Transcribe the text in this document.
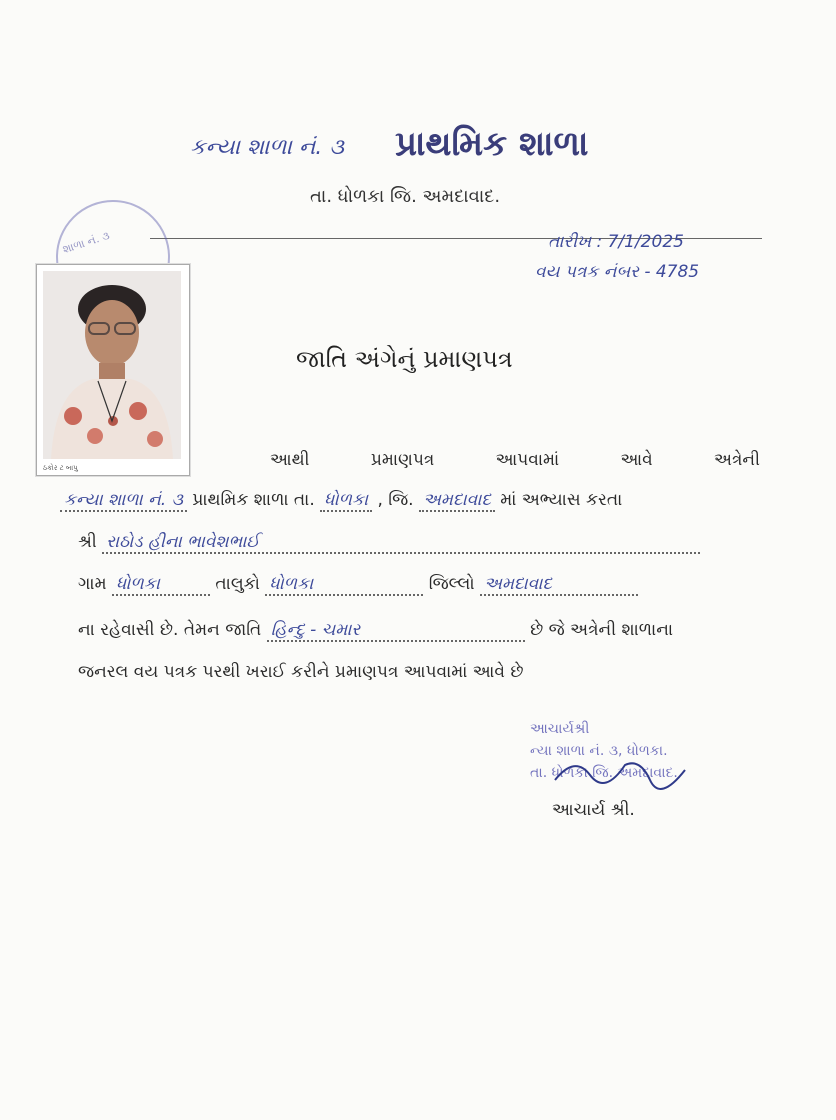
કન્યા શાળા નં. ૩ પ્રાથમિક શાળા
તા. ધોળકા જિ. અમદાવાદ.
શાળા નં. ૩	તારીખ : 7/1/2025
વય પત્રક નંબર - 4785
ઠકોર ટ બાપુ
જાતિ અંગેનું પ્રમાણપત્ર
આથી	પ્રમાણપત્ર	આપવામાં	આવે	અત્રેની
કન્યા શાળા નં. ૩ પ્રાથમિક શાળા તા. ધોળકા , જિ. અમદાવાદ માં અભ્યાસ કરતા
શ્રી રાઠોડ હીના ભાવેશભાઈ
ગામ ધોળકા	તાલુકો ધોળકા	જિલ્લો અમદાવાદ
ના રહેવાસી છે. તેમન જાતિ હિન્દુ - ચમાર	છે જે અત્રેની શાળાના
જનરલ વય પત્રક પરથી ખરાઈ કરીને પ્રમાણપત્ર આપવામાં આવે છે
આચાર્યશ્રી
ન્યા શાળા નં. ૩, ધોળકા.
તા. ધોળકા જિ. અમદાવાદ.
આચાર્ય શ્રી.
